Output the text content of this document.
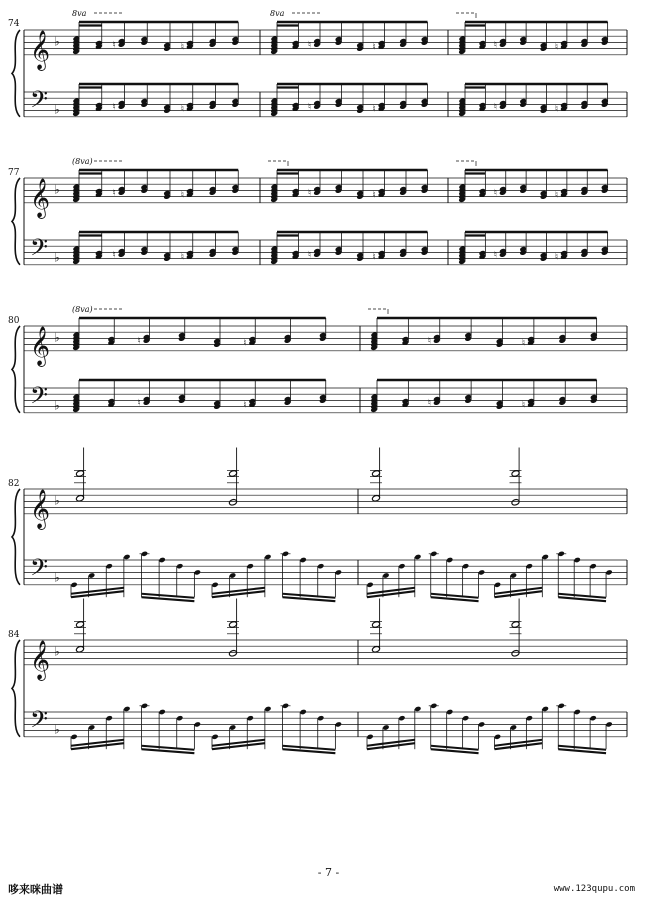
𝄞 ♭
𝄢 ♭
♮	♮
♮	♮
8va
♮	♮
♮	♮
8va
♮	♮
♮	♮
𝄞 ♭
𝄢 ♭
♮	♮
♮	♮
(8va)
♮	♮
♮	♮
♮	♮
♮	♮
𝄞 ♭
𝄢 ♭
♮	♮
♮	♮
(8va)
♮	♮
♮	♮
𝄞 ♭
𝄢 ♭
𝄞 ♭
𝄢 ♭
74
77
80
82
84
- 7 -
哆来咪曲谱	www.123qupu.com
